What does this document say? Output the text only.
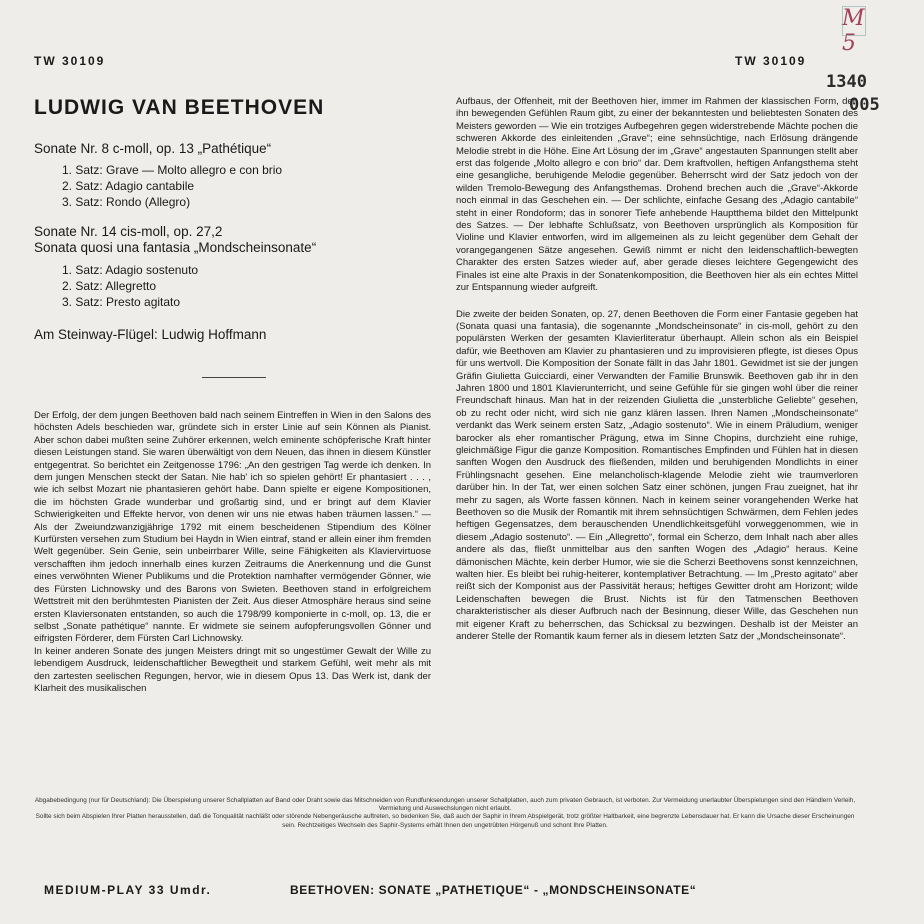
TW 30109	TW 30109
1340
005
M 5
LUDWIG VAN BEETHOVEN
Sonate Nr. 8 c-moll, op. 13 „Pathétique“
1. Satz: Grave — Molto allegro e con brio
2. Satz: Adagio cantabile
3. Satz: Rondo (Allegro)
Sonate Nr. 14 cis-moll, op. 27,2
Sonata quosi una fantasia „Mondscheinsonate“
1. Satz: Adagio sostenuto
2. Satz: Allegretto
3. Satz: Presto agitato
Am Steinway-Flügel: Ludwig Hoffmann

Der Erfolg, der dem jungen Beethoven bald nach seinem Eintreffen in Wien in den Salons des höchsten Adels beschieden war, gründete sich in erster Linie auf sein Können als Pianist. Aber schon dabei mußten seine Zuhörer erkennen, welch eminente schöpferische Kraft hinter diesen Leistungen stand. Sie waren überwältigt von dem Neuen, das ihnen in diesem Künstler entgegentrat. So berichtet ein Zeitgenosse 1796: „An den gestrigen Tag werde ich denken. In dem jungen Menschen steckt der Satan. Nie hab' ich so spielen gehört! Er phantasiert . . . , wie ich selbst Mozart nie phantasieren gehört habe. Dann spielte er eigene Kompositionen, die im höchsten Grade wunderbar und großartig sind, und er bringt auf dem Klavier Schwierigkeiten und Effekte hervor, von denen wir uns nie etwas haben träumen lassen.“ — Als der Zweiundzwanzigjährige 1792 mit einem bescheidenen Stipendium des Kölner Kurfürsten versehen zum Studium bei Haydn in Wien eintraf, stand er allein einer ihm fremden Welt gegenüber. Sein Genie, sein unbeirrbarer Wille, seine Fähigkeiten als Klaviervirtuose verschafften ihm jedoch innerhalb eines kurzen Zeitraums die Anerkennung und die Gunst eines verwöhnten Wiener Publikums und die Protektion namhafter vermögender Gönner, wie des Fürsten Lichnowsky und des Barons von Swieten. Beethoven stand in erfolgreichem Wettstreit mit den berühmtesten Pianisten der Zeit. Aus dieser Atmosphäre heraus sind seine ersten Klaviersonaten entstanden, so auch die 1798/99 komponierte in c-moll, op. 13, die er selbst „Sonate pathétique“ nannte. Er widmete sie seinem aufopferungsvollen Gönner und eifrigsten Förderer, dem Fürsten Carl Lichnowsky.

In keiner anderen Sonate des jungen Meisters dringt mit so ungestümer Gewalt der Wille zu lebendigem Ausdruck, leidenschaftlicher Bewegtheit und starkem Gefühl, weit mehr als mit den zartesten seelischen Regungen, hervor, wie in diesem Opus 13. Das Werk ist, dank der Klarheit des musikalischen

Aufbaus, der Offenheit, mit der Beethoven hier, immer im Rahmen der klassischen Form, den ihn bewegenden Gefühlen Raum gibt, zu einer der bekanntesten und beliebtesten Sonaten des Meisters geworden — Wie ein trotziges Aufbegehren gegen widerstrebende Mächte pochen die schweren Akkorde des einleitenden „Grave“; eine sehnsüchtige, nach Erlösung drängende Melodie strebt in die Höhe. Eine Art Lösung der im „Grave“ angestauten Spannungen stellt aber erst das folgende „Molto allegro e con brio“ dar. Dem kraftvollen, heftigen Anfangsthema steht eine gesangliche, beruhigende Melodie gegenüber. Beherrscht wird der Satz jedoch von der wilden Tremolo-Bewegung des Anfangsthemas. Drohend brechen auch die „Grave“-Akkorde noch einmal in das Geschehen ein. — Der schlichte, einfache Gesang des „Adagio cantabile“ steht in einer Rondoform; das in sonorer Tiefe anhebende Hauptthema bildet den Mittelpunkt des Satzes. — Der lebhafte Schlußsatz, von Beethoven ursprünglich als Komposition für Violine und Klavier entworfen, wird im allgemeinen als zu leicht gegenüber dem Gehalt der vorangegangenen Sätze angesehen. Gewiß nimmt er nicht den leidenschaftlich-bewegten Charakter des ersten Satzes wieder auf, aber gerade dieses leichtere Gegengewicht des Finales ist eine alte Praxis in der Sonatenkomposition, die Beethoven hier als ein echtes Mittel zur Entspannung wieder aufgreift.

Die zweite der beiden Sonaten, op. 27, denen Beethoven die Form einer Fantasie gegeben hat (Sonata quasi una fantasia), die sogenannte „Mondscheinsonate“ in cis-moll, gehört zu den populärsten Werken der gesamten Klavierliteratur überhaupt. Allein schon als ein Beispiel dafür, wie Beethoven am Klavier zu phantasieren und zu improvisieren pflegte, ist dieses Opus für uns wertvoll. Die Komposition der Sonate fällt in das Jahr 1801. Gewidmet ist sie der jungen Gräfin Giulietta Guicciardi, einer Verwandten der Familie Brunswik. Beethoven gab ihr in den Jahren 1800 und 1801 Klavierunterricht, und seine Gefühle für sie gingen wohl über die reiner Freundschaft hinaus. Man hat in der reizenden Giulietta die „unsterbliche Geliebte“ gesehen, ob zu recht oder nicht, wird sich nie ganz klären lassen. Ihren Namen „Mondscheinsonate“ verdankt das Werk seinem ersten Satz, „Adagio sostenuto“. Wie in einem Präludium, weniger barocker als eher romantischer Prägung, etwa im Sinne Chopins, durchzieht eine ruhige, gleichmäßige Figur die ganze Komposition. Romantisches Empfinden und Fühlen hat in diesen sanften Wogen den Ausdruck des fließenden, milden und beruhigenden Mondlichts in einer Frühlingsnacht gesehen. Eine melancholisch-klagende Melodie zieht wie traumverloren darüber hin. In der Tat, wer einen solchen Satz einer schönen, jungen Frau zueignet, hat ihr mehr zu sagen, als Worte fassen können. Nach in keinem seiner vorangehenden Werke hat Beethoven so die Musik der Romantik mit ihrem sehnsüchtigen Schwärmen, dem Fehlen jedes heftigen Gegensatzes, dem berauschenden Unendlichkeitsgefühl vorweggenommen, wie in diesem „Adagio sostenuto“. — Ein „Allegretto“, formal ein Scherzo, dem Inhalt nach aber alles andere als das, fließt unmittelbar aus den sanften Wogen des „Adagio“ heraus. Keine dämonischen Mächte, kein derber Humor, wie sie die Scherzi Beethovens sonst kennzeichnen, walten hier. Es bleibt bei ruhig-heiterer, kontemplativer Betrachtung. — Im „Presto agitato“ aber reißt sich der Komponist aus der Passivität heraus; heftiges Gewitter droht am Horizont; wilde Leidenschaften bewegen die Brust. Nichts ist für den Tatmenschen Beethoven charakteristischer als dieser Aufbruch nach der Besinnung, dieser Wille, das Geschehen nun mit eigener Kraft zu beherrschen, das Schicksal zu bezwingen. Deshalb ist der Meister an anderer Stelle der Romantik kaum ferner als in diesem letzten Satz der „Mondscheinsonate“.

Abgabebedingung (nur für Deutschland): Die Überspielung unserer Schallplatten auf Band oder Draht sowie das Mitschneiden von Rundfunksendungen unserer Schallplatten, auch zum privaten Gebrauch, ist verboten. Zur Vermeidung unerlaubter Überspielungen sind den Händlern Verleih, Vermietung und Auswechslungen nicht erlaubt.

Sollte sich beim Abspielen Ihrer Platten herausstellen, daß die Tonqualität nachläßt oder störende Nebengeräusche auftreten, so bedenken Sie, daß auch der Saphir in Ihrem Abspielgerät, trotz größter Haltbarkeit, eine begrenzte Lebensdauer hat. Er kann die Ursache dieser Erscheinungen sein. Rechtzeitiges Wechseln des Saphir-Systems erhält Ihnen den ungetrübten Hörgenuß und schont Ihre Platten.

MEDIUM-PLAY 33 Umdr.	BEETHOVEN: SONATE „PATHETIQUE“ - „MONDSCHEINSONATE“
